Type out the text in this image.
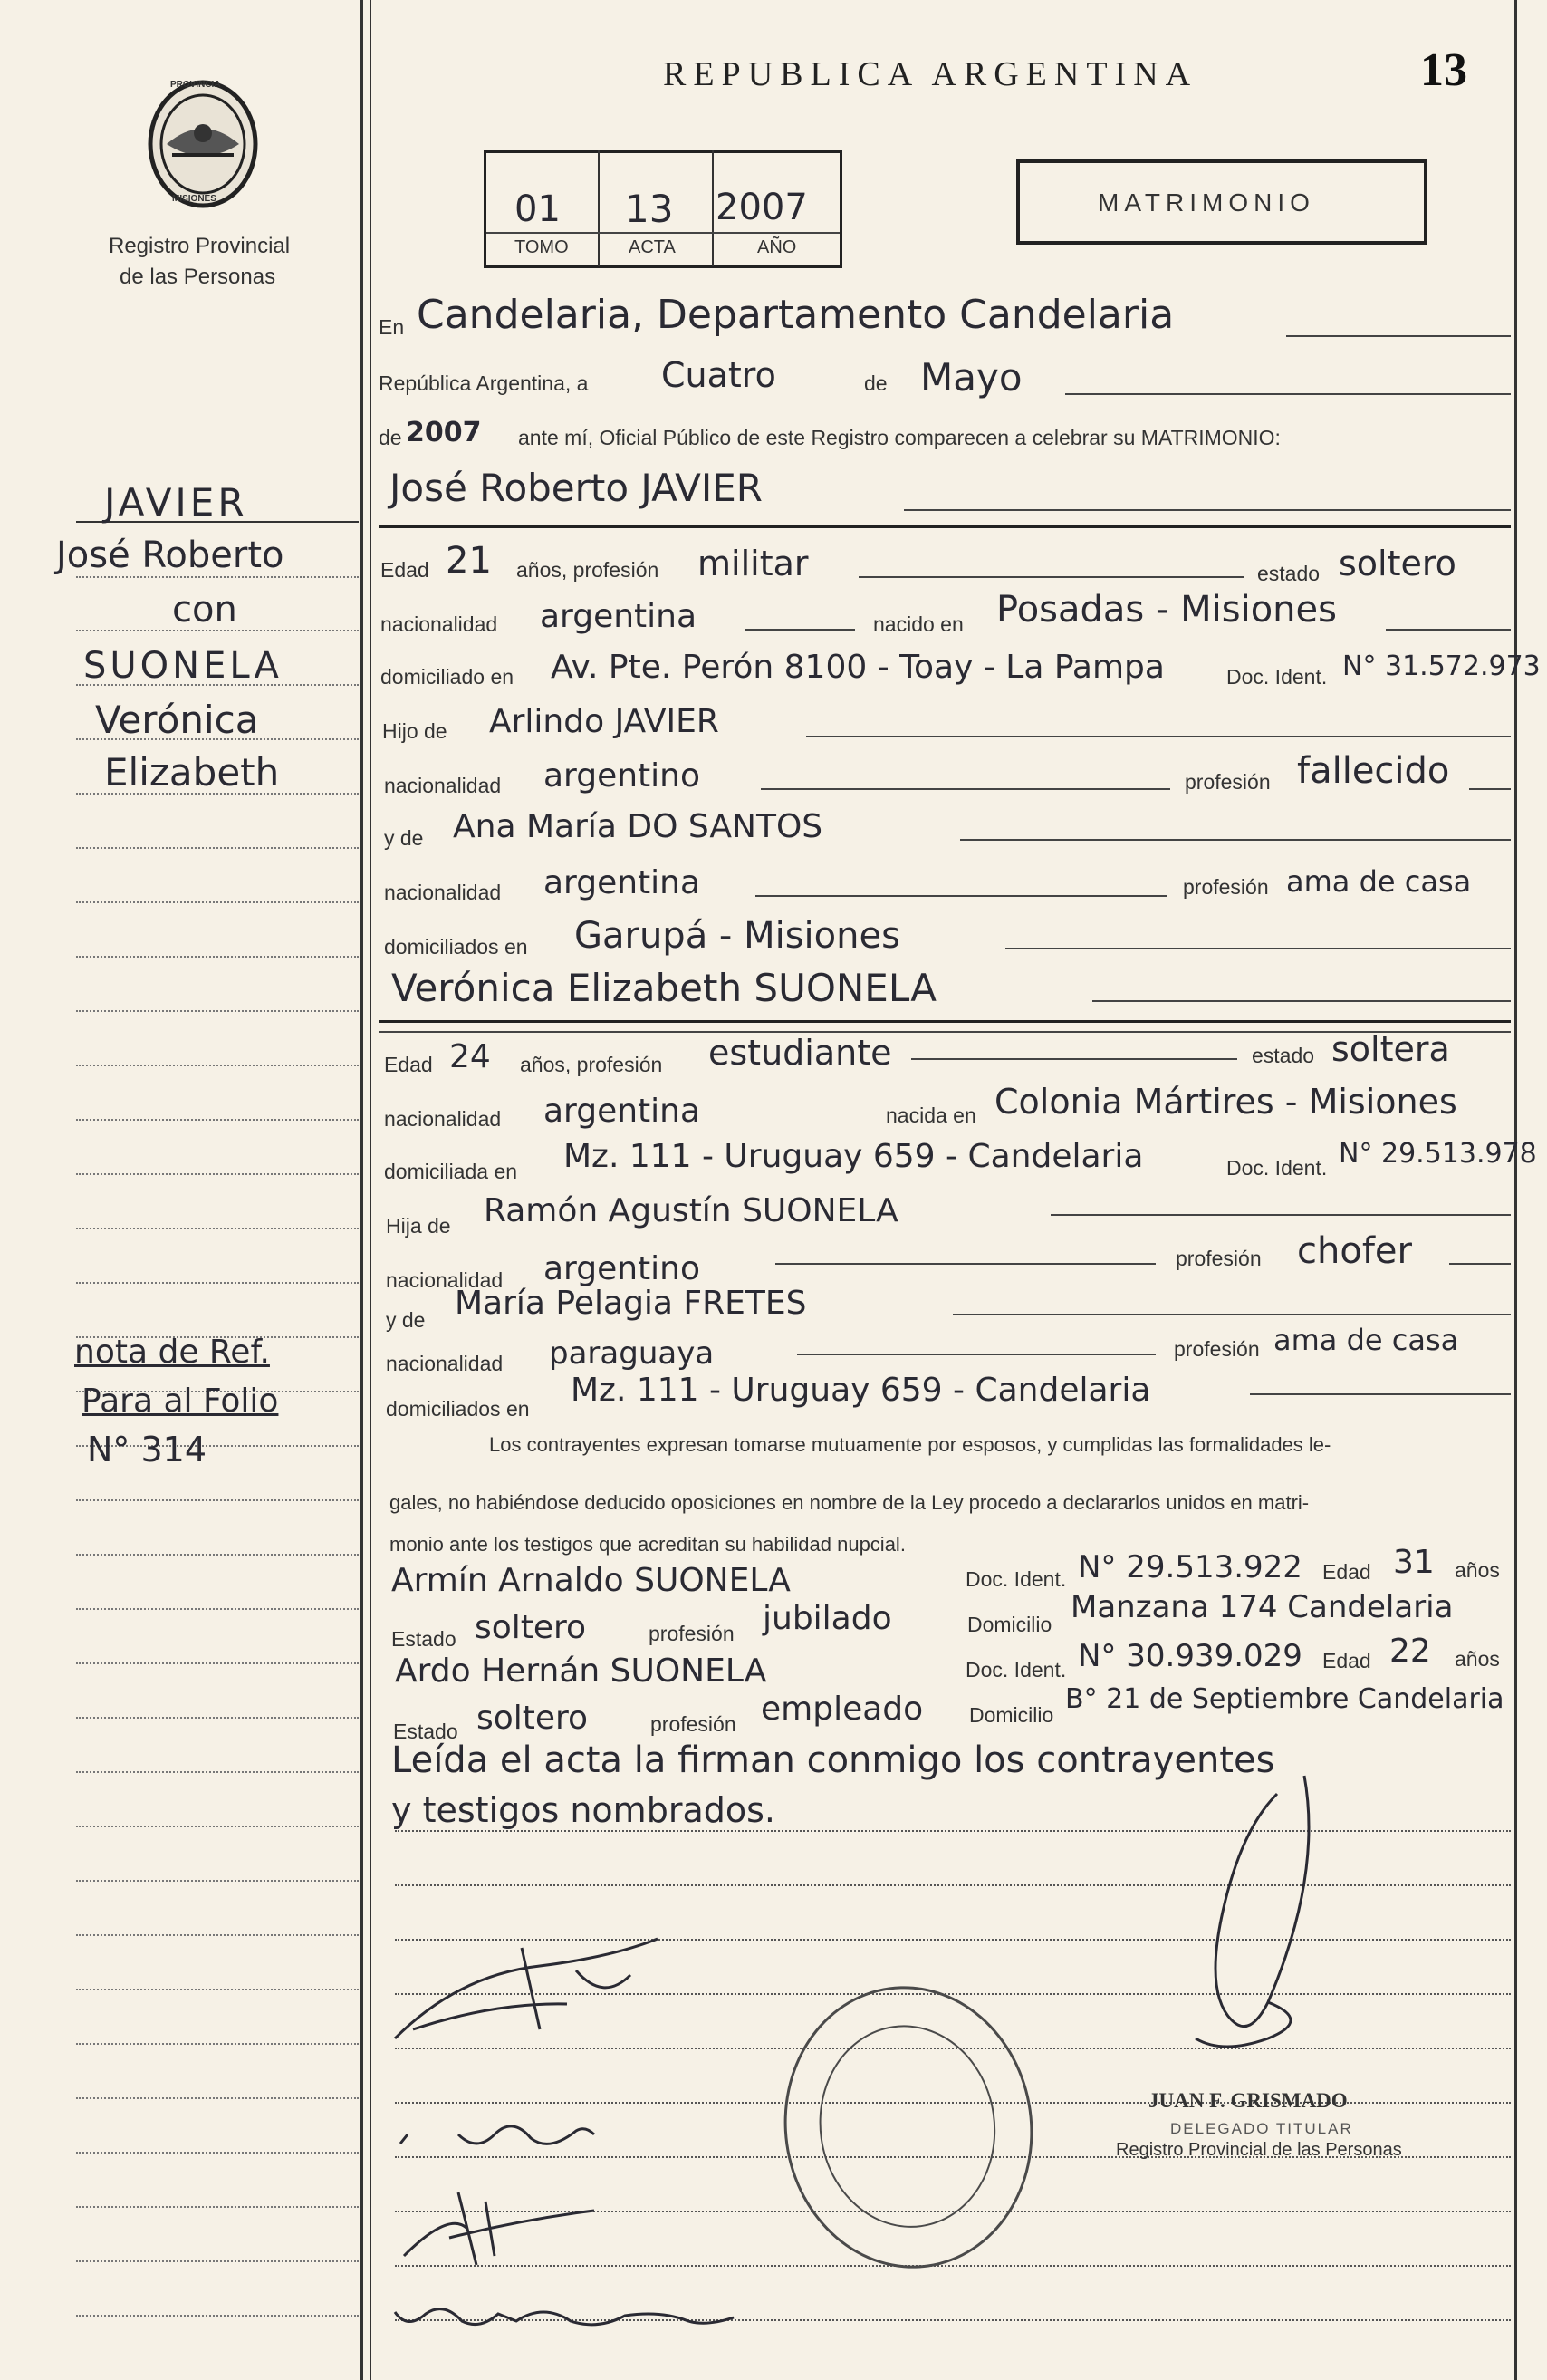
PROVINCIA
MISIONES
Registro Provincial
de las Personas
JAVIER
José Roberto
con
SUONELA
Verónica
Elizabeth
nota de Ref.
Para al Folio
N° 314
REPUBLICA ARGENTINA	13
01 13 2007
TOMO	ACTA	AÑO
MATRIMONIO
En Candelaria, Departamento Candelaria
República Argentina, a Cuatro	de Mayo
de 2007 ante mí, Oficial Público de este Registro comparecen a celebrar su MATRIMONIO:
José Roberto JAVIER
Edad 21 años, profesión militar	estado soltero
nacionalidad argentina	nacido en Posadas - Misiones
domiciliado en Av. Pte. Perón 8100 - Toay - La Pampa	Doc. Ident. N° 31.572.973
Hijo de Arlindo JAVIER
nacionalidad argentino	profesión fallecido
y de Ana María DO SANTOS
nacionalidad argentina	profesión ama de casa
domiciliados en Garupá - Misiones
Verónica Elizabeth SUONELA
Edad 24 años, profesión estudiante	estado soltera
nacionalidad argentina	nacida en Colonia Mártires - Misiones
domiciliada en Mz. 111 - Uruguay 659 - Candelaria	Doc. Ident. N° 29.513.978
Hija de Ramón Agustín SUONELA
nacionalidad argentino	profesión chofer
y de María Pelagia FRETES
nacionalidad paraguaya	profesión ama de casa
domiciliados en Mz. 111 - Uruguay 659 - Candelaria
Los contrayentes expresan tomarse mutuamente por esposos, y cumplidas las formalidades le-
gales, no habiéndose deducido oposiciones en nombre de la Ley procedo a declararlos unidos en matri-
monio ante los testigos que acreditan su habilidad nupcial.
Armín Arnaldo SUONELA	Doc. Ident. N° 29.513.922 Edad 31 años
Estado soltero	profesión jubilado	Domicilio Manzana 174 Candelaria
Ardo Hernán SUONELA	Doc. Ident. N° 30.939.029 Edad 22 años
Estado soltero	profesión empleado Domicilio B° 21 de Septiembre Candelaria
Leída el acta la firman conmigo los contrayentes
y testigos nombrados.
JUAN F. GRISMADO
DELEGADO TITULAR
Registro Provincial de las Personas
